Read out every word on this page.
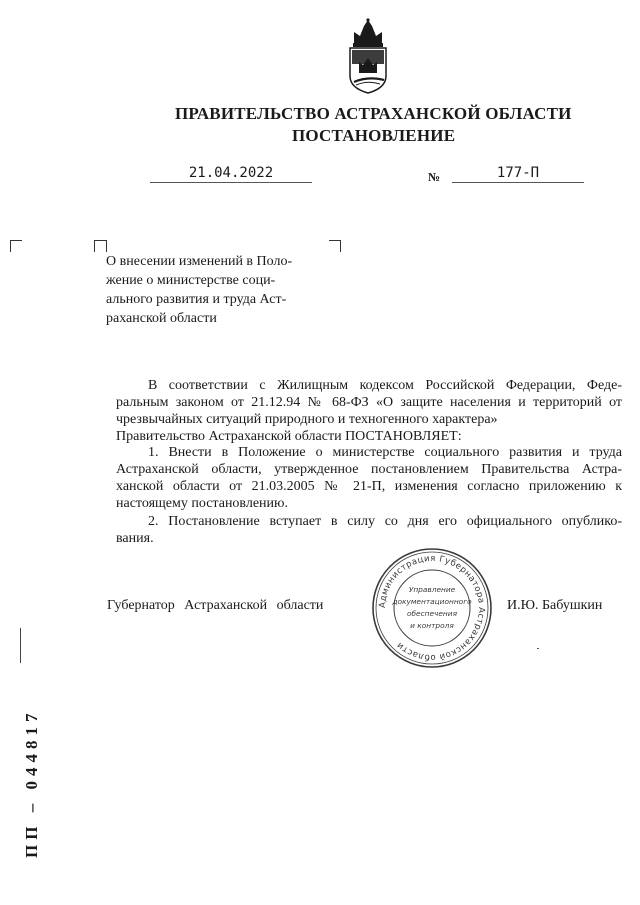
ПРАВИТЕЛЬСТВО АСТРАХАНСКОЙ ОБЛАСТИ
ПОСТАНОВЛЕНИЕ
21.04.2022	№	177-П
О внесении изменений в Поло-
жение о министерстве соци-
ального развития и труда Аст-
раханской области
В соответствии с Жилищным кодексом Российской Федерации, Феде-
ральным законом от 21.12.94 № 68-ФЗ «О защите населения и территорий от
чрезвычайных ситуаций природного и техногенного характера»
Правительство Астраханской области ПОСТАНОВЛЯЕТ:
1. Внести в Положение о министерстве социального развития и труда
Астраханской области, утвержденное постановлением Правительства Астра-
ханской области от 21.03.2005 № 21-П, изменения согласно приложению к
настоящему постановлению.
2. Постановление вступает в силу со дня его официального опублико-
вания.
Губернатор Астраханской области	И.Ю. Бабушкин
Администрация Губернатора Астраханской области
Управление
документационного
обеспечения
и контроля
ПП – 044817
